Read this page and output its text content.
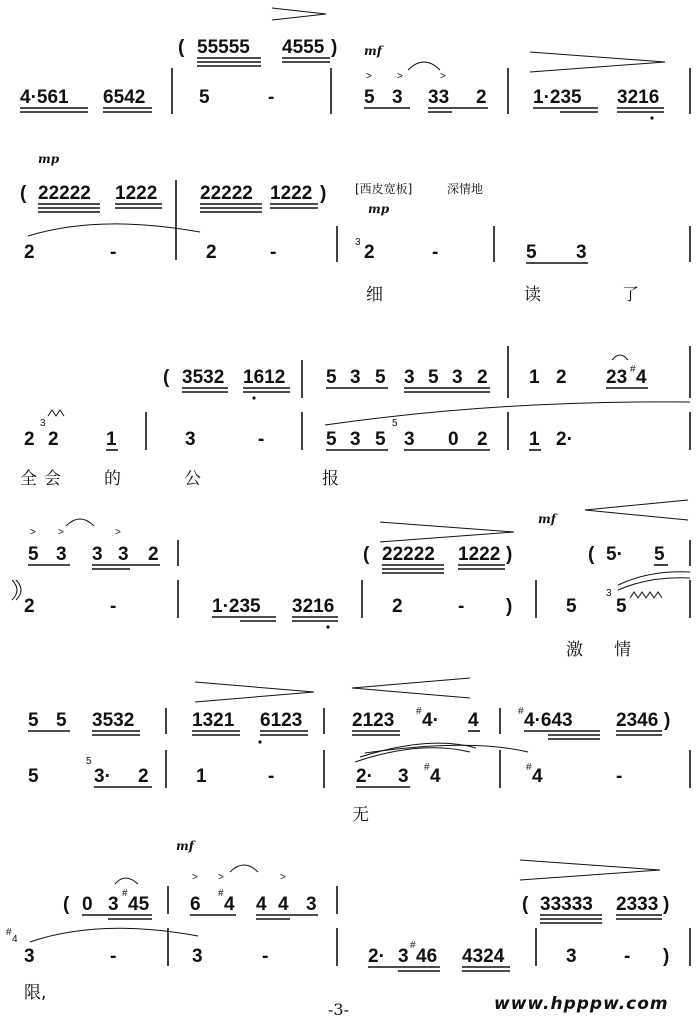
( 55555 4555 ) mf
4·561 6542	5	-
>	>	>
5 3 33 2 1·235 3216
mp
( 22222 1222 22222 1222 ) [西皮宽板]	深情地
mp
2	-	2	-	3 2	-	5 3
细	读	了
( 3532 1612 5 3 5 3 5 3 2 1 2 23 # 4
2
3
2 1	3	-	5 3 5
5
3 0 2 1 2·
全 会	的	公	报
> >	>
5 3 3 3 2	( 22222 1222 )
mf
( 5· 5
2	-	1·235 3216	2	- )	5
3
5
激 情
5 5 3532	1321 6123	2123 # 4· 4	# 4·643 2346 )
5
5
3· 2 1	-	2· 3 # 4	# 4	-
无
mf
> >	>
( 0 3
#
45 6
#
4 4 4 3	( 33333 2333 )
#
4
3	-	3	-	2· 3
#
46 4324	3 - )
限,
-3-	www.hpppw.com
